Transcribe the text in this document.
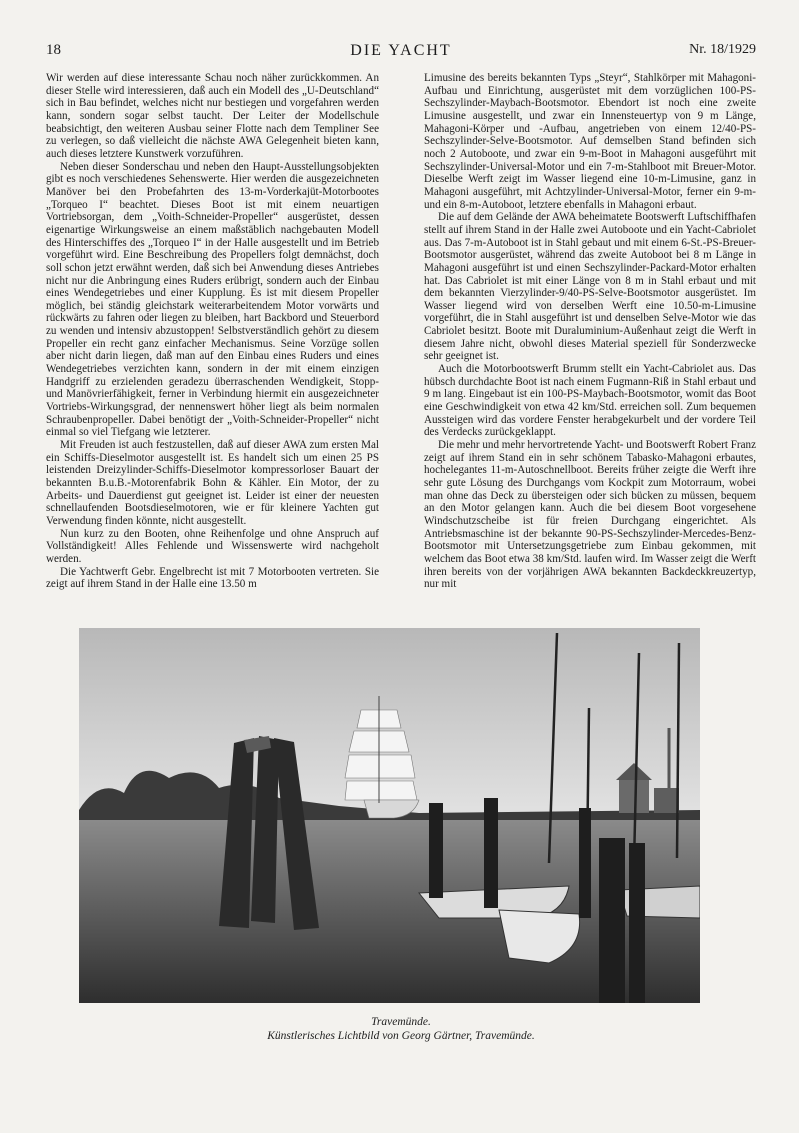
18	DIE YACHT	Nr. 18/1929

Wir werden auf diese interessante Schau noch näher zurückkommen. An dieser Stelle wird interessieren, daß auch ein Modell des „U-Deutschland“ sich in Bau befindet, welches nicht nur bestiegen und vorgefahren werden kann, sondern sogar selbst taucht. Der Leiter der Modellschule beabsichtigt, den weiteren Ausbau seiner Flotte nach dem Templiner See zu verlegen, so daß vielleicht die nächste AWA Gelegenheit bieten kann, auch dieses letztere Kunstwerk vorzuführen.

Neben dieser Sonderschau und neben den Haupt-Ausstellungsobjekten gibt es noch verschiedenes Sehenswerte. Hier werden die ausgezeichneten Manöver bei den Probefahrten des 13-m-Vorderkajüt-Motorbootes „Torqueo I“ beachtet. Dieses Boot ist mit einem neuartigen Vortriebsorgan, dem „Voith-Schneider-Propeller“ ausgerüstet, dessen eigenartige Wirkungsweise an einem maßstäblich nachgebauten Modell des Hinterschiffes des „Torqueo I“ in der Halle ausgestellt und im Betrieb vorgeführt wird. Eine Beschreibung des Propellers folgt demnächst, doch soll schon jetzt erwähnt werden, daß sich bei Anwendung dieses Antriebes nicht nur die Anbringung eines Ruders erübrigt, sondern auch der Einbau eines Wendegetriebes und einer Kupplung. Es ist mit diesem Propeller möglich, bei ständig gleichstark weiterarbeitendem Motor vorwärts und rückwärts zu fahren oder liegen zu bleiben, hart Backbord und Steuerbord zu wenden und intensiv abzustoppen! Selbstverständlich gehört zu diesem Propeller ein recht ganz einfacher Mechanismus. Seine Vorzüge sollen aber nicht darin liegen, daß man auf den Einbau eines Ruders und eines Wendegetriebes verzichten kann, sondern in der mit einem einzigen Handgriff zu erzielenden geradezu überraschenden Wendigkeit, Stopp- und Manövrierfähigkeit, ferner in Verbindung hiermit ein ausgezeichneter Vortriebs-Wirkungsgrad, der nennenswert höher liegt als beim normalen Schraubenpropeller. Dabei benötigt der „Voith-Schneider-Propeller“ nicht einmal so viel Tiefgang wie letzterer.

Mit Freuden ist auch festzustellen, daß auf dieser AWA zum ersten Mal ein Schiffs-Dieselmotor ausgestellt ist. Es handelt sich um einen 25 PS leistenden Dreizylinder-Schiffs-Dieselmotor kompressorloser Bauart der bekannten B.u.B.-Motorenfabrik Bohn & Kähler. Ein Motor, der zu Arbeits- und Dauerdienst gut geeignet ist. Leider ist einer der neuesten schnellaufenden Bootsdieselmotoren, wie er für kleinere Yachten gut Verwendung finden könnte, nicht ausgestellt.

Nun kurz zu den Booten, ohne Reihenfolge und ohne Anspruch auf Vollständigkeit! Alles Fehlende und Wissenswerte wird nachgeholt werden.

Die Yachtwerft Gebr. Engelbrecht ist mit 7 Motorbooten vertreten. Sie zeigt auf ihrem Stand in der Halle eine 13.50 m

Limusine des bereits bekannten Typs „Steyr“, Stahlkörper mit Mahagoni-Aufbau und Einrichtung, ausgerüstet mit dem vorzüglichen 100-PS-Sechszylinder-Maybach-Bootsmotor. Ebendort ist noch eine zweite Limusine ausgestellt, und zwar ein Innensteuertyp von 9 m Länge, Mahagoni-Körper und -Aufbau, angetrieben von einem 12/40-PS-Sechszylinder-Selve-Bootsmotor. Auf demselben Stand befinden sich noch 2 Autoboote, und zwar ein 9-m-Boot in Mahagoni ausgeführt mit Sechszylinder-Universal-Motor und ein 7-m-Stahlboot mit Breuer-Motor. Dieselbe Werft zeigt im Wasser liegend eine 10-m-Limusine, ganz in Mahagoni ausgeführt, mit Achtzylinder-Universal-Motor, ferner ein 9-m- und ein 8-m-Autoboot, letztere ebenfalls in Mahagoni erbaut.

Die auf dem Gelände der AWA beheimatete Bootswerft Luftschiffhafen stellt auf ihrem Stand in der Halle zwei Autoboote und ein Yacht-Cabriolet aus. Das 7-m-Autoboot ist in Stahl gebaut und mit einem 6-St.-PS-Breuer-Bootsmotor ausgerüstet, während das zweite Autoboot bei 8 m Länge in Mahagoni ausgeführt ist und einen Sechszylinder-Packard-Motor erhalten hat. Das Cabriolet ist mit einer Länge von 8 m in Stahl erbaut und mit dem bekannten Vierzylinder-9/40-PS-Selve-Bootsmotor ausgerüstet. Im Wasser liegend wird von derselben Werft eine 10.50-m-Limusine vorgeführt, die in Stahl ausgeführt ist und denselben Selve-Motor wie das Cabriolet besitzt. Boote mit Duraluminium-Außenhaut zeigt die Werft in diesem Jahre nicht, obwohl dieses Material speziell für Sonderzwecke sehr geeignet ist.

Auch die Motorbootswerft Brumm stellt ein Yacht-Cabriolet aus. Das hübsch durchdachte Boot ist nach einem Fugmann-Riß in Stahl erbaut und 9 m lang. Eingebaut ist ein 100-PS-Maybach-Bootsmotor, womit das Boot eine Geschwindigkeit von etwa 42 km/Std. erreichen soll. Zum bequemen Aussteigen wird das vordere Fenster herabgekurbelt und der vordere Teil des Verdecks zurückgeklappt.

Die mehr und mehr hervortretende Yacht- und Bootswerft Robert Franz zeigt auf ihrem Stand ein in sehr schönem Tabasko-Mahagoni erbautes, hochelegantes 11-m-Autoschnellboot. Bereits früher zeigte die Werft ihre sehr gute Lösung des Durchgangs vom Kockpit zum Motorraum, wobei man ohne das Deck zu übersteigen oder sich bücken zu müssen, bequem an den Motor gelangen kann. Auch die bei diesem Boot vorgesehene Windschutzscheibe ist für freien Durchgang eingerichtet. Als Antriebsmaschine ist der bekannte 90-PS-Sechszylinder-Mercedes-Benz-Bootsmotor mit Untersetzungsgetriebe zum Einbau gekommen, mit welchem das Boot etwa 38 km/Std. laufen wird. Im Wasser zeigt die Werft ihren bereits von der vorjährigen AWA bekannten Backdeckkreuzertyp, nur mit

Travemünde.
Künstlerisches Lichtbild von Georg Gärtner, Travemünde.
